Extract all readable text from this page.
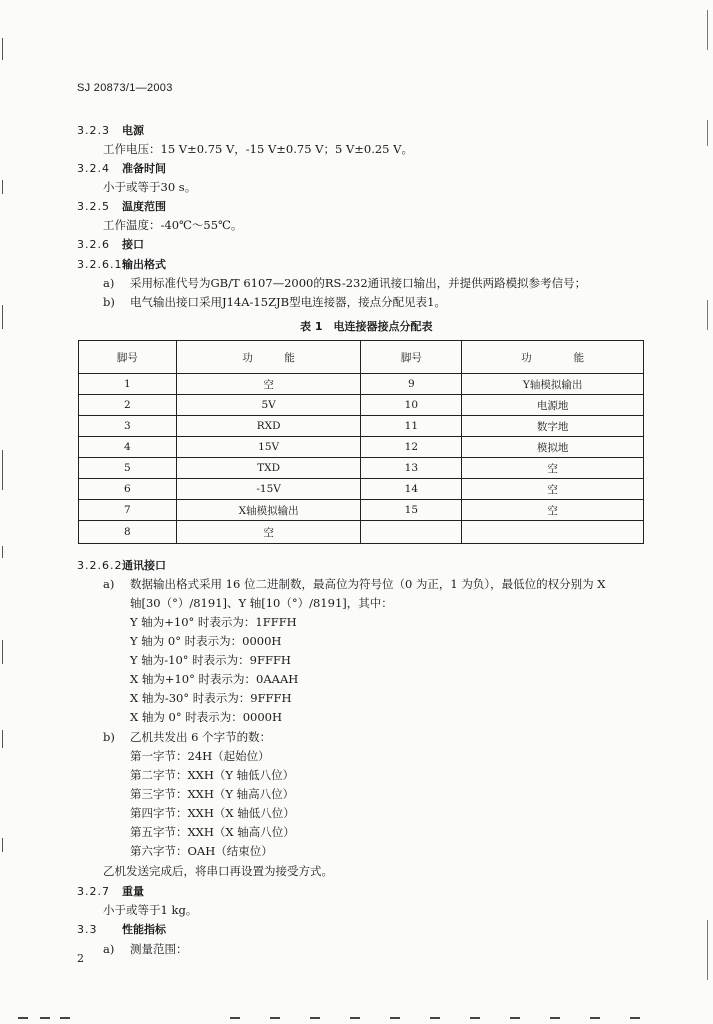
SJ 20873/1—2003
3.2.3 电源
工作电压：15 V±0.75 V，-15 V±0.75 V；5 V±0.25 V。
3.2.4 准备时间
小于或等于30 s。
3.2.5 温度范围
工作温度：-40℃～55℃。
3.2.6 接口
3.2.6.1输出格式
a) 采用标准代号为GB/T 6107—2000的RS-232通讯接口输出，并提供两路模拟参考信号；
b) 电气输出接口采用J14A-15ZJB型电连接器，接点分配见表1。
表 1　电连接器接点分配表
脚号	功　　　能	脚号	功　　　　能
1	空	9	Y轴模拟输出
2	5V	10	电源地
3	RXD	11	数字地
4	15V	12	模拟地
5	TXD	13	空
6	-15V	14	空
7	X轴模拟输出	15	空
8	空		
3.2.6.2通讯接口
a) 数据输出格式采用 16 位二进制数，最高位为符号位（0 为正，1 为负），最低位的权分别为 X
轴[30（°）/8191]、Y 轴[10（°）/8191]，其中：
Y 轴为+10° 时表示为：1FFFH
Y 轴为 0° 时表示为：0000H
Y 轴为-10° 时表示为：9FFFH
X 轴为+10° 时表示为：0AAAH
X 轴为-30° 时表示为：9FFFH
X 轴为 0° 时表示为：0000H
b) 乙机共发出 6 个字节的数：
第一字节：24H（起始位）
第二字节：XXH（Y 轴低八位）
第三字节：XXH（Y 轴高八位）
第四字节：XXH（X 轴低八位）
第五字节：XXH（X 轴高八位）
第六字节：OAH（结束位）
乙机发送完成后，将串口再设置为接受方式。
3.2.7 重量
小于或等于1 kg。
3.3 性能指标
a) 测量范围：
2
